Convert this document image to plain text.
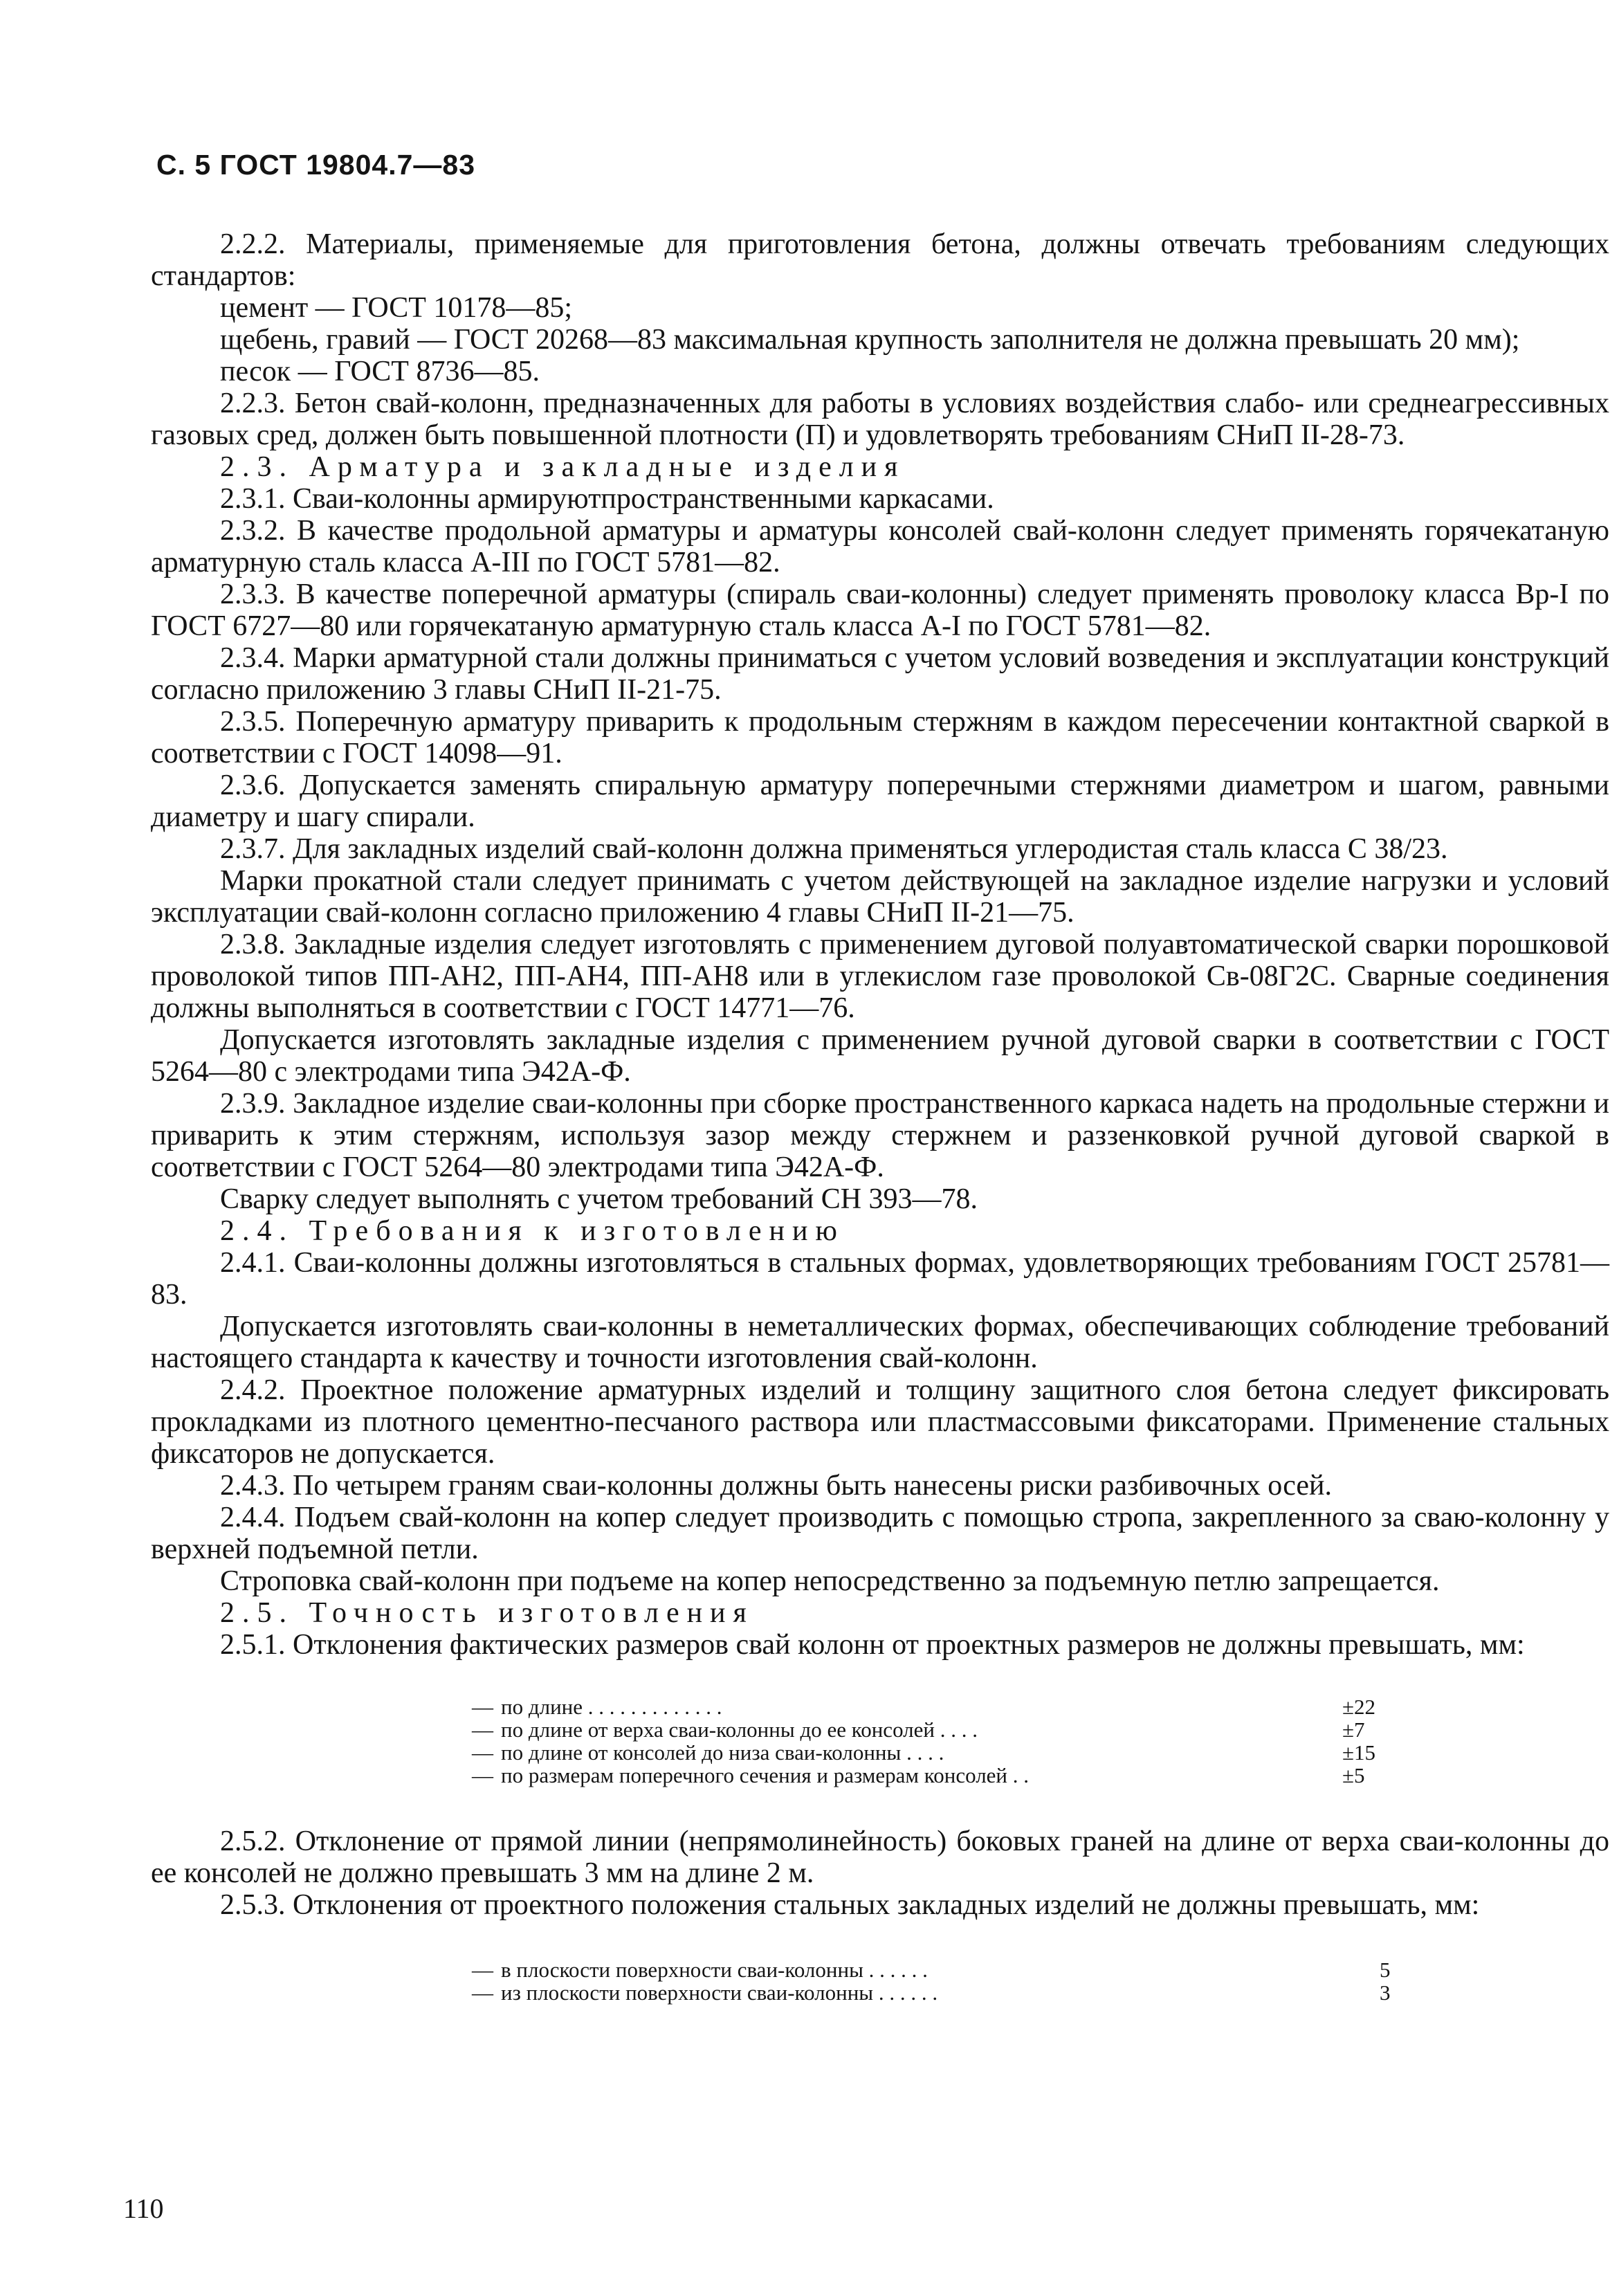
С. 5 ГОСТ 19804.7—83

2.2.2. Материалы, применяемые для приготовления бетона, должны отвечать требованиям следующих стандартов:

цемент — ГОСТ 10178—85;

щебень, гравий — ГОСТ 20268—83 максимальная крупность заполнителя не должна превышать 20 мм);

песок — ГОСТ 8736—85.

2.2.3. Бетон свай-колонн, предназначенных для работы в условиях воздействия слабо- или среднеагрессивных газовых сред, должен быть повышенной плотности (П) и удовлетворять требованиям СНиП II-28-73.

2.3. Арматура и закладные изделия

2.3.1. Сваи-колонны армируютпространственными каркасами.

2.3.2. В качестве продольной арматуры и арматуры консолей свай-колонн следует применять горячекатаную арматурную сталь класса А-III по ГОСТ 5781—82.

2.3.3. В качестве поперечной арматуры (спираль сваи-колонны) следует применять проволоку класса Вр-I по ГОСТ 6727—80 или горячекатаную арматурную сталь класса А-I по ГОСТ 5781—82.

2.3.4. Марки арматурной стали должны приниматься с учетом условий возведения и эксплуатации конструкций согласно приложению 3 главы СНиП II-21-75.

2.3.5. Поперечную арматуру приварить к продольным стержням в каждом пересечении контактной сваркой в соответствии с ГОСТ 14098—91.

2.3.6. Допускается заменять спиральную арматуру поперечными стержнями диаметром и шагом, равными диаметру и шагу спирали.

2.3.7. Для закладных изделий свай-колонн должна применяться углеродистая сталь класса С 38/23.

Марки прокатной стали следует принимать с учетом действующей на закладное изделие нагрузки и условий эксплуатации свай-колонн согласно приложению 4 главы СНиП II-21—75.

2.3.8. Закладные изделия следует изготовлять с применением дуговой полуавтоматической сварки порошковой проволокой типов ПП-АН2, ПП-АН4, ПП-АН8 или в углекислом газе проволокой Св-08Г2С. Сварные соединения должны выполняться в соответствии с ГОСТ 14771—76.

Допускается изготовлять закладные изделия с применением ручной дуговой сварки в соответствии с ГОСТ 5264—80 с электродами типа Э42А-Ф.

2.3.9. Закладное изделие сваи-колонны при сборке пространственного каркаса надеть на продольные стержни и приварить к этим стержням, используя зазор между стержнем и раззенковкой ручной дуговой сваркой в соответствии с ГОСТ 5264—80 электродами типа Э42А-Ф.

Сварку следует выполнять с учетом требований СН 393—78.

2.4. Требования к изготовлению

2.4.1. Сваи-колонны должны изготовляться в стальных формах, удовлетворяющих требованиям ГОСТ 25781—83.

Допускается изготовлять сваи-колонны в неметаллических формах, обеспечивающих соблюдение требований настоящего стандарта к качеству и точности изготовления свай-колонн.

2.4.2. Проектное положение арматурных изделий и толщину защитного слоя бетона следует фиксировать прокладками из плотного цементно-песчаного раствора или пластмассовыми фиксаторами. Применение стальных фиксаторов не допускается.

2.4.3. По четырем граням сваи-колонны должны быть нанесены риски разбивочных осей.

2.4.4. Подъем свай-колонн на копер следует производить с помощью стропа, закрепленного за сваю-колонну у верхней подъемной петли.

Строповка свай-колонн при подъеме на копер непосредственно за подъемную петлю запрещается.

2.5. Точность изготовления

2.5.1. Отклонения фактических размеров свай колонн от проектных размеров не должны превышать, мм:

—	по длине . . . . . . . . . . . . .	±22
—	по длине от верха сваи-колонны до ее консолей . . . .	±7
—	по длине от консолей до низа сваи-колонны . . . .	±15
—	по размерам поперечного сечения и размерам консолей . .	±5

2.5.2. Отклонение от прямой линии (непрямолинейность) боковых граней на длине от верха сваи-колонны до ее консолей не должно превышать 3 мм на длине 2 м.

2.5.3. Отклонения от проектного положения стальных закладных изделий не должны превышать, мм:

—	в плоскости поверхности сваи-колонны . . . . . .	5
—	из плоскости поверхности сваи-колонны . . . . . .	3
110
